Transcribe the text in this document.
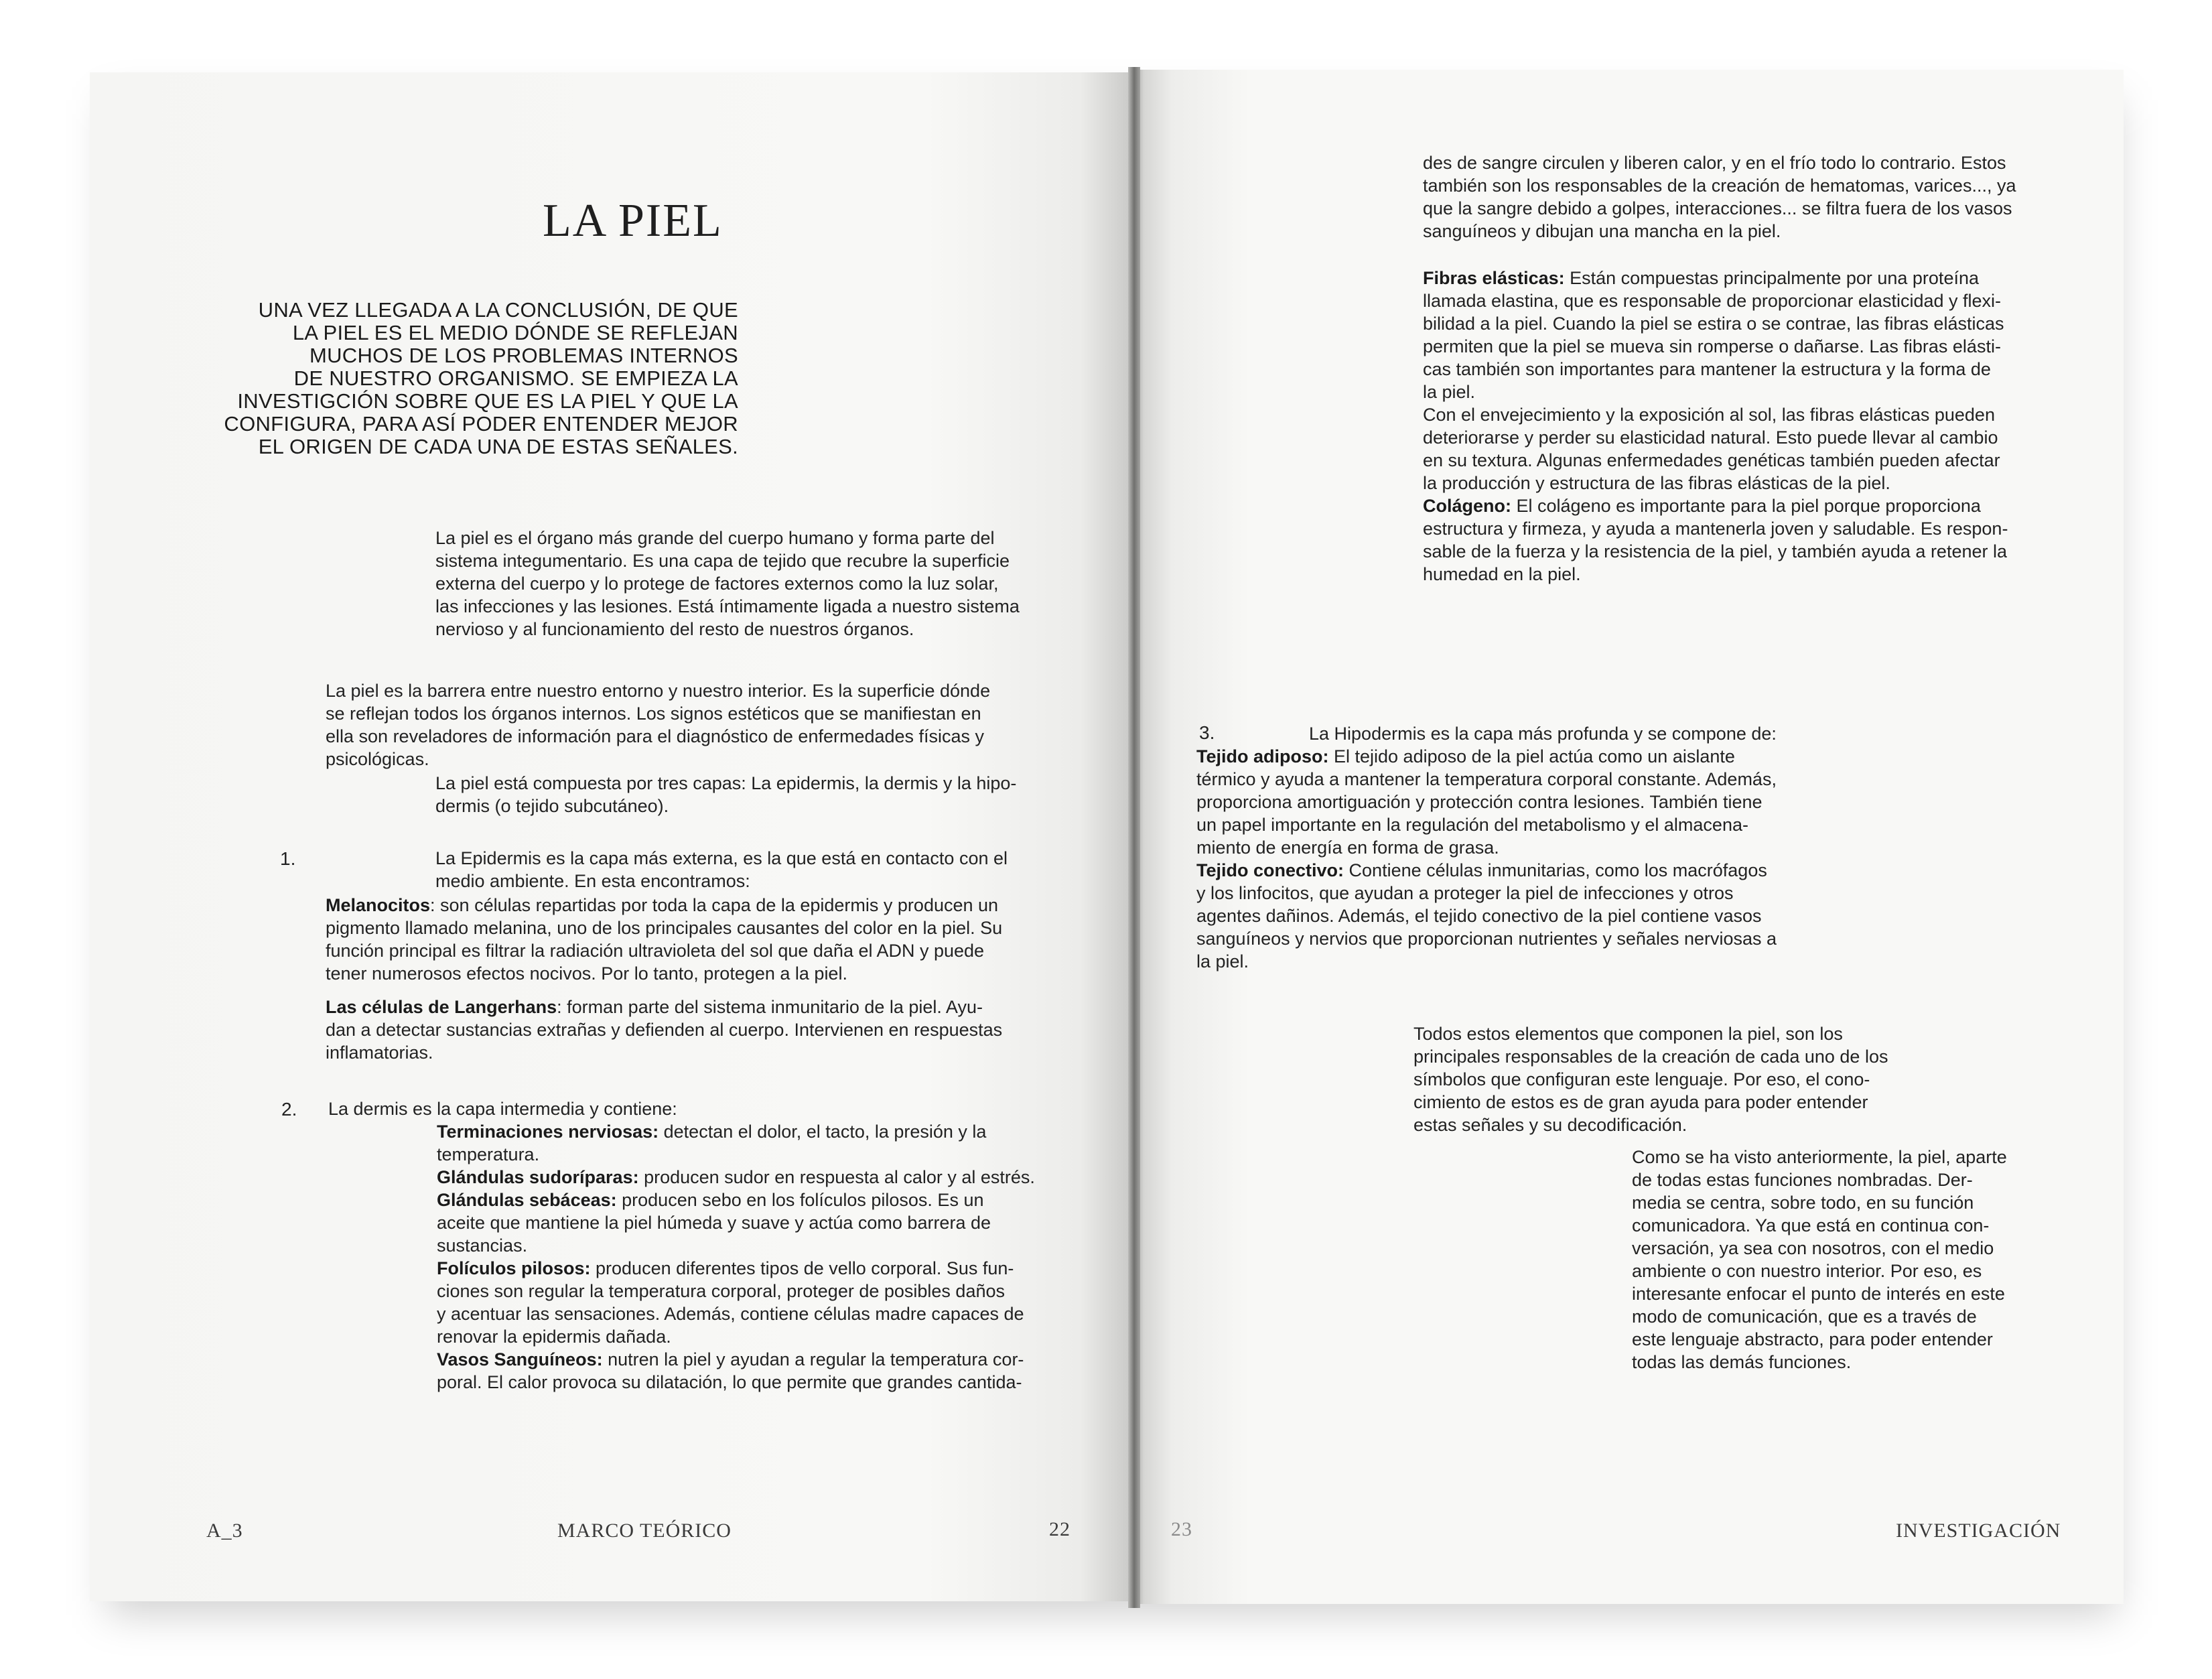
LA PIEL
UNA VEZ LLEGADA A LA CONCLUSIÓN, DE QUE
LA PIEL ES EL MEDIO DÓNDE SE REFLEJAN
MUCHOS DE LOS PROBLEMAS INTERNOS
DE NUESTRO ORGANISMO. SE EMPIEZA LA
INVESTIGCIÓN SOBRE QUE ES LA PIEL Y QUE LA
CONFIGURA, PARA ASÍ PODER ENTENDER MEJOR
EL ORIGEN DE CADA UNA DE ESTAS SEÑALES.
La piel es el órgano más grande del cuerpo humano y forma parte del
sistema integumentario. Es una capa de tejido que recubre la superficie
externa del cuerpo y lo protege de factores externos como la luz solar,
las infecciones y las lesiones. Está íntimamente ligada a nuestro sistema
nervioso y al funcionamiento del resto de nuestros órganos.
La piel es la barrera entre nuestro entorno y nuestro interior. Es la superficie dónde
se reflejan todos los órganos internos. Los signos estéticos que se manifiestan en
ella son reveladores de información para el diagnóstico de enfermedades físicas y
psicológicas.
La piel está compuesta por tres capas: La epidermis, la dermis y la hipo-
dermis (o tejido subcutáneo).
1.	La Epidermis es la capa más externa, es la que está en contacto con el
medio ambiente. En esta encontramos:
Melanocitos: son células repartidas por toda la capa de la epidermis y producen un
pigmento llamado melanina, uno de los principales causantes del color en la piel. Su
función principal es filtrar la radiación ultravioleta del sol que daña el ADN y puede
tener numerosos efectos nocivos. Por lo tanto, protegen a la piel.
Las células de Langerhans: forman parte del sistema inmunitario de la piel. Ayu-
dan a detectar sustancias extrañas y defienden al cuerpo. Intervienen en respuestas
inflamatorias.
2. La dermis es la capa intermedia y contiene:
Terminaciones nerviosas: detectan el dolor, el tacto, la presión y la
temperatura.
Glándulas sudoríparas: producen sudor en respuesta al calor y al estrés.
Glándulas sebáceas: producen sebo en los folículos pilosos. Es un
aceite que mantiene la piel húmeda y suave y actúa como barrera de
sustancias.
Folículos pilosos: producen diferentes tipos de vello corporal. Sus fun-
ciones son regular la temperatura corporal, proteger de posibles daños
y acentuar las sensaciones. Además, contiene células madre capaces de
renovar la epidermis dañada.
Vasos Sanguíneos: nutren la piel y ayudan a regular la temperatura cor-
poral. El calor provoca su dilatación, lo que permite que grandes cantida-
A_3	MARCO TEÓRICO	22
des de sangre circulen y liberen calor, y en el frío todo lo contrario. Estos
también son los responsables de la creación de hematomas, varices..., ya
que la sangre debido a golpes, interacciones... se filtra fuera de los vasos
sanguíneos y dibujan una mancha en la piel.
Fibras elásticas: Están compuestas principalmente por una proteína
llamada elastina, que es responsable de proporcionar elasticidad y flexi-
bilidad a la piel. Cuando la piel se estira o se contrae, las fibras elásticas
permiten que la piel se mueva sin romperse o dañarse. Las fibras elásti-
cas también son importantes para mantener la estructura y la forma de
la piel.
Con el envejecimiento y la exposición al sol, las fibras elásticas pueden
deteriorarse y perder su elasticidad natural. Esto puede llevar al cambio
en su textura. Algunas enfermedades genéticas también pueden afectar
la producción y estructura de las fibras elásticas de la piel.
Colágeno: El colágeno es importante para la piel porque proporciona
estructura y firmeza, y ayuda a mantenerla joven y saludable. Es respon-
sable de la fuerza y la resistencia de la piel, y también ayuda a retener la
humedad en la piel.
3.	La Hipodermis es la capa más profunda y se compone de:
Tejido adiposo: El tejido adiposo de la piel actúa como un aislante
térmico y ayuda a mantener la temperatura corporal constante. Además,
proporciona amortiguación y protección contra lesiones. También tiene
un papel importante en la regulación del metabolismo y el almacena-
miento de energía en forma de grasa.
Tejido conectivo: Contiene células inmunitarias, como los macrófagos
y los linfocitos, que ayudan a proteger la piel de infecciones y otros
agentes dañinos. Además, el tejido conectivo de la piel contiene vasos
sanguíneos y nervios que proporcionan nutrientes y señales nerviosas a
la piel.
Todos estos elementos que componen la piel, son los
principales responsables de la creación de cada uno de los
símbolos que configuran este lenguaje. Por eso, el cono-
cimiento de estos es de gran ayuda para poder entender
estas señales y su decodificación.
Como se ha visto anteriormente, la piel, aparte
de todas estas funciones nombradas. Der-
media se centra, sobre todo, en su función
comunicadora. Ya que está en continua con-
versación, ya sea con nosotros, con el medio
ambiente o con nuestro interior. Por eso, es
interesante enfocar el punto de interés en este
modo de comunicación, que es a través de
este lenguaje abstracto, para poder entender
todas las demás funciones.
23	INVESTIGACIÓN
